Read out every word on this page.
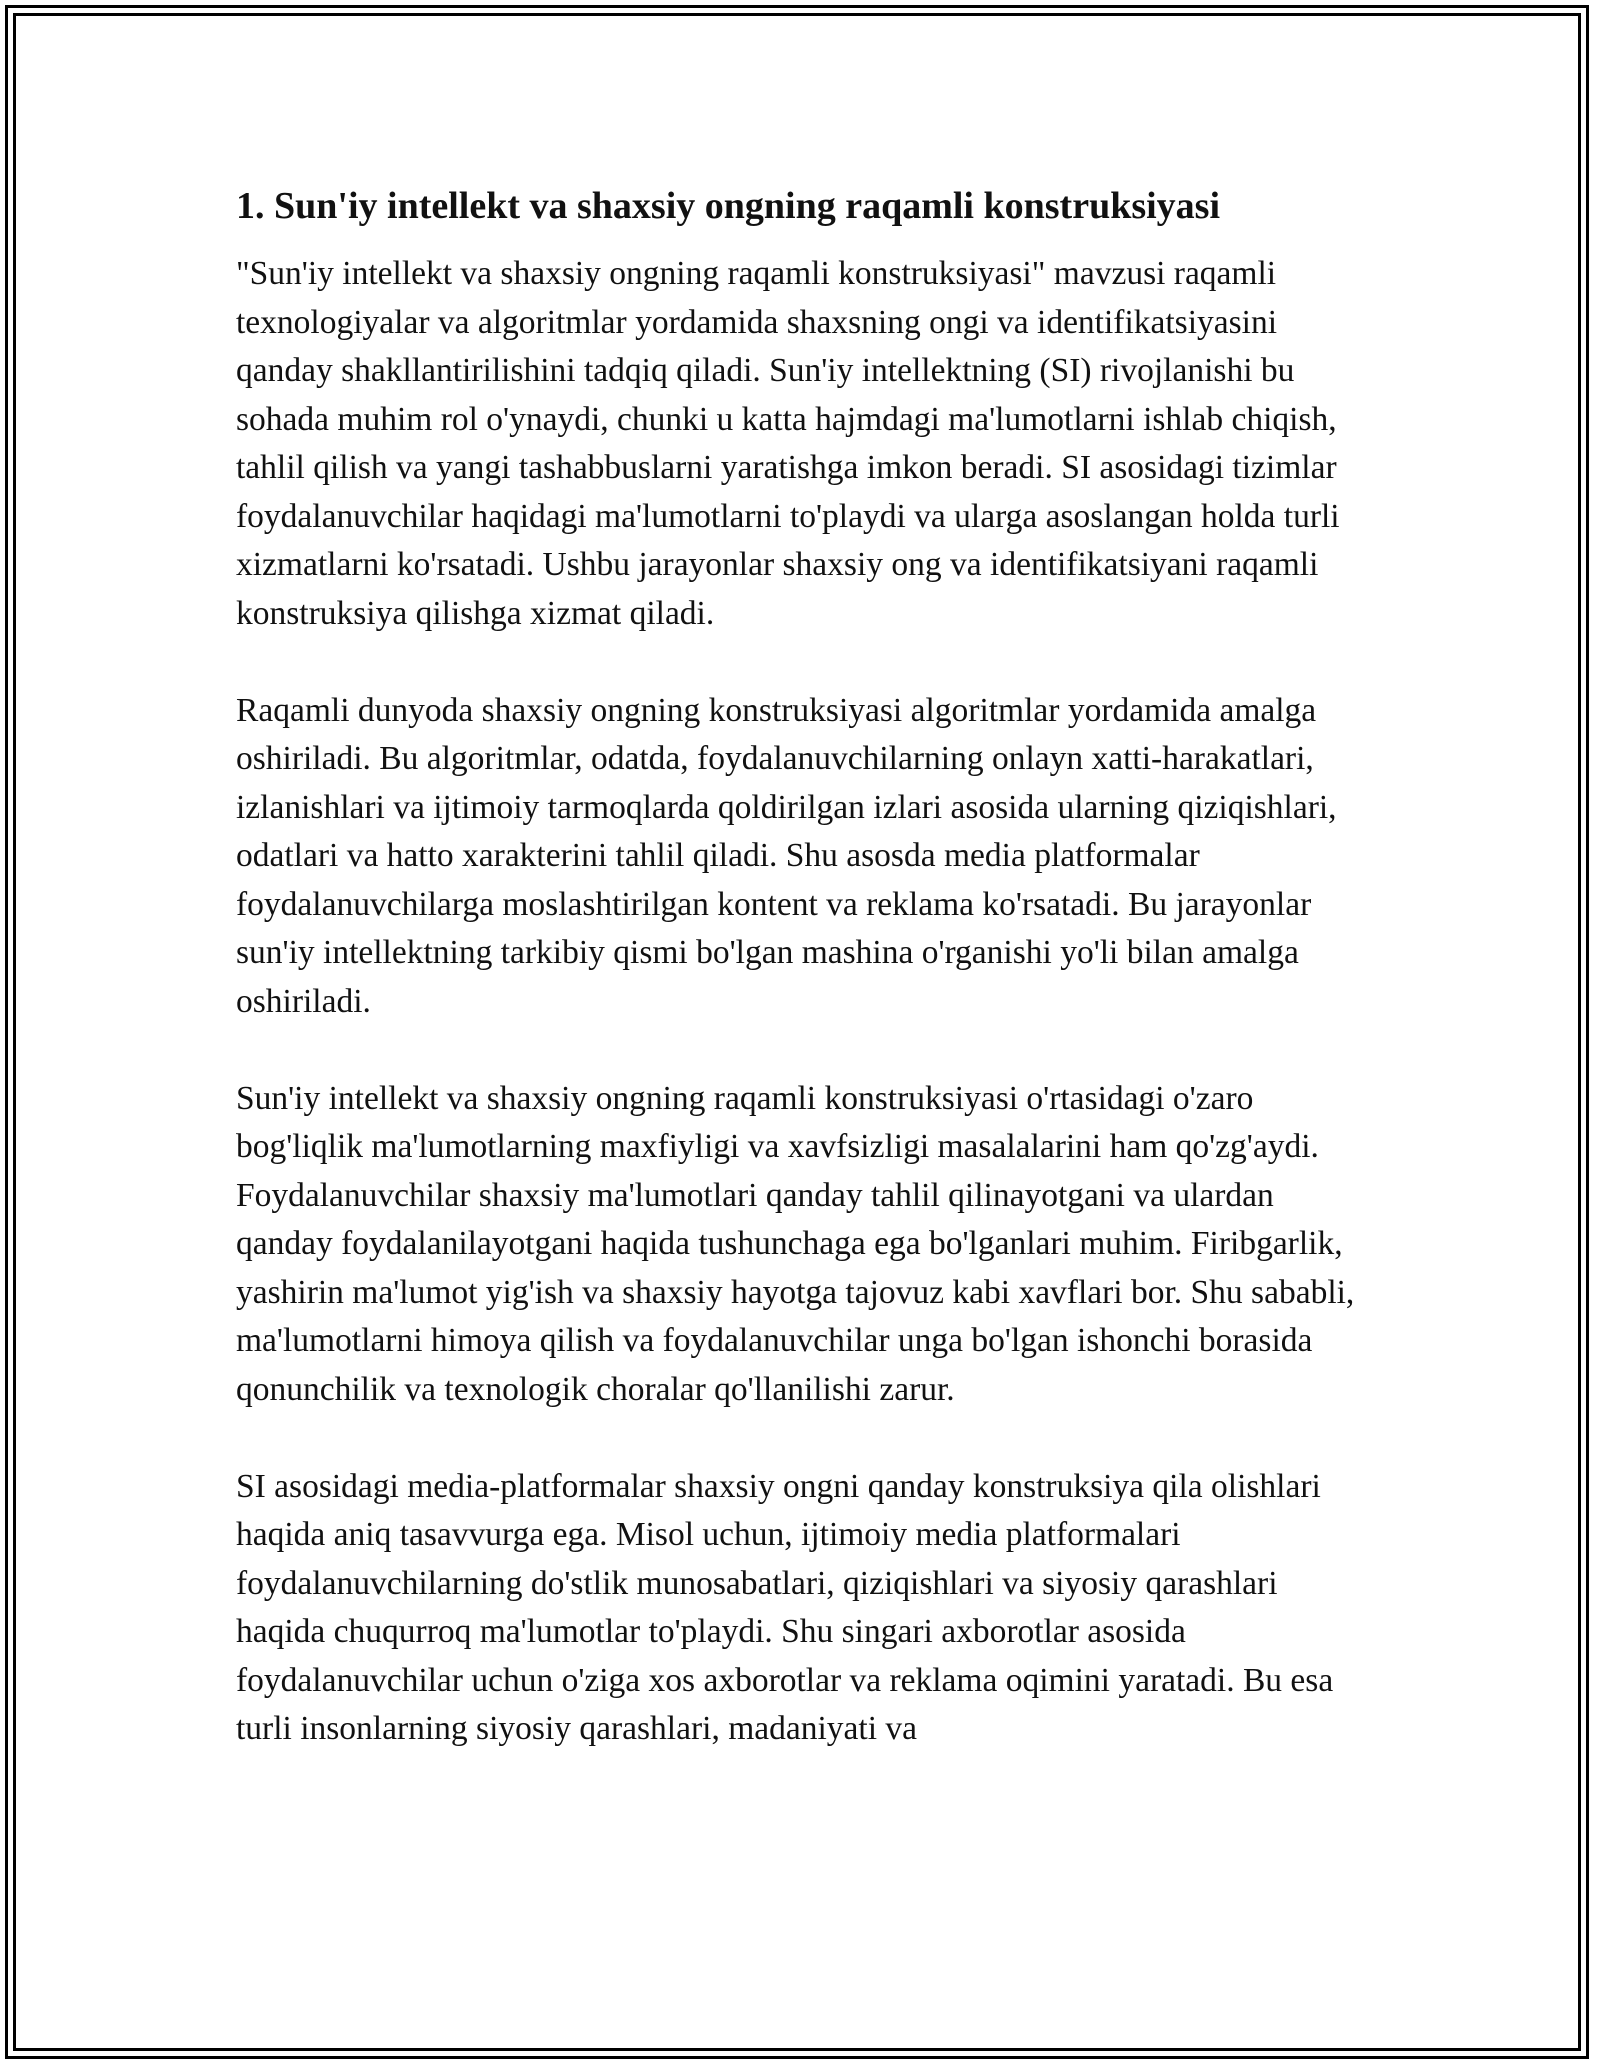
1. Sun'iy intellekt va shaxsiy ongning raqamli konstruksiyasi

"Sun'iy intellekt va shaxsiy ongning raqamli konstruksiyasi" mavzusi raqamli texnologiyalar va algoritmlar yordamida shaxsning ongi va identifikatsiyasini qanday shakllantirilishini tadqiq qiladi. Sun'iy intellektning (SI) rivojlanishi bu sohada muhim rol o'ynaydi, chunki u katta hajmdagi ma'lumotlarni ishlab chiqish, tahlil qilish va yangi tashabbuslarni yaratishga imkon beradi. SI asosidagi tizimlar foydalanuvchilar haqidagi ma'lumotlarni to'playdi va ularga asoslangan holda turli xizmatlarni ko'rsatadi. Ushbu jarayonlar shaxsiy ong va identifikatsiyani raqamli konstruksiya qilishga xizmat qiladi.

Raqamli dunyoda shaxsiy ongning konstruksiyasi algoritmlar yordamida amalga oshiriladi. Bu algoritmlar, odatda, foydalanuvchilarning onlayn xatti-harakatlari, izlanishlari va ijtimoiy tarmoqlarda qoldirilgan izlari asosida ularning qiziqishlari, odatlari va hatto xarakterini tahlil qiladi. Shu asosda media platformalar foydalanuvchilarga moslashtirilgan kontent va reklama ko'rsatadi. Bu jarayonlar sun'iy intellektning tarkibiy qismi bo'lgan mashina o'rganishi yo'li bilan amalga oshiriladi.

Sun'iy intellekt va shaxsiy ongning raqamli konstruksiyasi o'rtasidagi o'zaro bog'liqlik ma'lumotlarning maxfiyligi va xavfsizligi masalalarini ham qo'zg'aydi. Foydalanuvchilar shaxsiy ma'lumotlari qanday tahlil qilinayotgani va ulardan qanday foydalanilayotgani haqida tushunchaga ega bo'lganlari muhim. Firibgarlik, yashirin ma'lumot yig'ish va shaxsiy hayotga tajovuz kabi xavflari bor. Shu sababli, ma'lumotlarni himoya qilish va foydalanuvchilar unga bo'lgan ishonchi borasida qonunchilik va texnologik choralar qo'llanilishi zarur.

SI asosidagi media-platformalar shaxsiy ongni qanday konstruksiya qila olishlari haqida aniq tasavvurga ega. Misol uchun, ijtimoiy media platformalari foydalanuvchilarning do'stlik munosabatlari, qiziqishlari va siyosiy qarashlari haqida chuqurroq ma'lumotlar to'playdi. Shu singari axborotlar asosida foydalanuvchilar uchun o'ziga xos axborotlar va reklama oqimini yaratadi. Bu esa turli insonlarning siyosiy qarashlari, madaniyati va
